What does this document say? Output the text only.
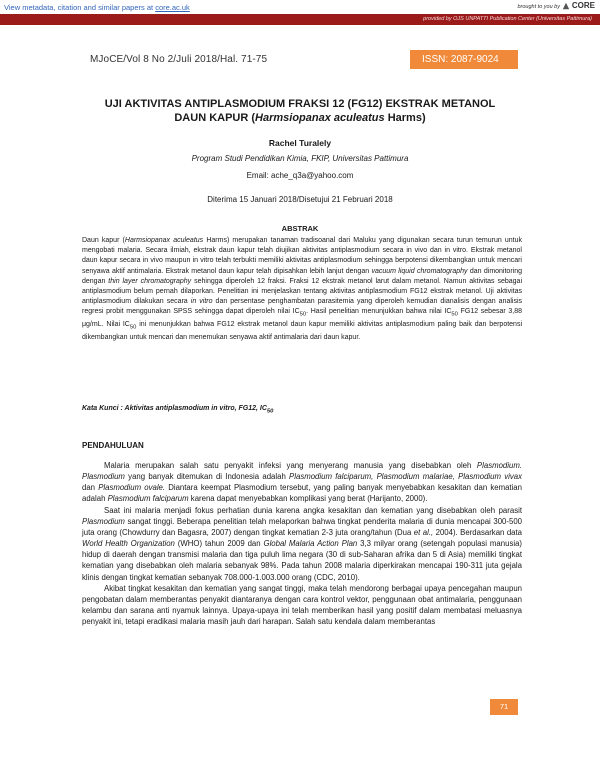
View metadata, citation and similar papers at core.ac.uk	brought to you by CORE
provided by OJS UNPATTI Publication Center (Universitas Pattimura)
MJoCE/Vol 8 No 2/Juli 2018/Hal. 71-75	ISSN: 2087-9024
UJI AKTIVITAS ANTIPLASMODIUM FRAKSI 12 (FG12) EKSTRAK METANOL
DAUN KAPUR (Harmsiopanax aculeatus Harms)
Rachel Turalely
Program Studi Pendidikan Kimia, FKIP, Universitas Pattimura
Email: ache_q3a@yahoo.com
Diterima 15 Januari 2018/Disetujui 21 Februari 2018
ABSTRAK
Daun kapur (Harmsiopanax aculeatus Harms) merupakan tanaman tradisoanal dari Maluku yang digunakan secara turun temurun untuk mengobati malaria. Secara ilmiah, ekstrak daun kapur telah diujikan aktivitas antiplasmodium secara in vivo dan in vitro. Ekstrak metanol daun kapur secara in vivo maupun in vitro telah terbukti memiliki aktivitas antiplasmodium sehingga berpotensi dikembangkan untuk mencari senyawa aktif antimalaria. Ekstrak metanol daun kapur telah dipisahkan lebih lanjut dengan vacuum liquid chromatography dan dimonitoring dengan thin layer chromatography sehingga diperoleh 12 fraksi. Fraksi 12 ekstrak metanol larut dalam metanol. Namun aktivitas sebagai antiplasmodium belum pernah dilaporkan. Penelitian ini menjelaskan tentang aktivitas antiplasmodium FG12 ekstrak metanol. Uji aktivitas antiplasmodium dilakukan secara in vitro dan persentase penghambatan parasitemia yang diperoleh kemudian dianalisis dengan analisis regresi probit menggunakan SPSS sehingga dapat diperoleh nilai $IC_{50}$. Hasil penelitian menunjukkan bahwa nilai $IC_{50}$ FG12 sebesar 3,88 μg/mL. Nilai $IC_{50}$ ini menunjukkan bahwa FG12 ekstrak metanol daun kapur memiliki aktivitas antiplasmodium paling baik dan berpotensi dikembangkan untuk mencari dan menemukan senyawa aktif antimalaria dari daun kapur.
Kata Kunci : Aktivitas antiplasmodium in vitro, FG12, $IC_{50}$
PENDAHULUAN

Malaria merupakan salah satu penyakit infeksi yang menyerang manusia yang disebabkan oleh Plasmodium. Plasmodium yang banyak ditemukan di Indonesia adalah Plasmodium falciparum, Plasmodium malariae, Plasmodium vivax dan Plasmodium ovale. Diantara keempat Plasmodium tersebut, yang paling banyak menyebabkan kesakitan dan kematian adalah Plasmodium falciparum karena dapat menyebabkan komplikasi yang berat (Harijanto, 2000).

Saat ini malaria menjadi fokus perhatian dunia karena angka kesakitan dan kematian yang disebabkan oleh parasit Plasmodium sangat tinggi. Beberapa penelitian telah melaporkan bahwa tingkat penderita malaria di dunia mencapai 300-500 juta orang (Chowdurry dan Bagasra, 2007) dengan tingkat kematian 2-3 juta orang/tahun (Dua et al., 2004). Berdasarkan data World Health Organization (WHO) tahun 2009 dan Global Malaria Action Plan 3,3 milyar orang (setengah populasi manusia) hidup di daerah dengan transmisi malaria dan tiga puluh lima negara (30 di sub-Saharan afrika dan 5 di Asia) memiliki tingkat kematian yang disebabkan oleh malaria sebanyak 98%. Pada tahun 2008 malaria diperkirakan mencapai 190-311 juta gejala klinis dengan tingkat kematian sebanyak 708.000-1.003.000 orang (CDC, 2010).

Akibat tingkat kesakitan dan kematian yang sangat tinggi, maka telah mendorong berbagai upaya pencegahan maupun pengobatan dalam memberantas penyakit diantaranya dengan cara kontrol vektor, penggunaan obat antimalaria, penggunaan kelambu dan sarana anti nyamuk lainnya. Upaya-upaya ini telah memberikan hasil yang positif dalam membatasi meluasnya penyakit ini, tetapi eradikasi malaria masih jauh dari harapan. Salah satu kendala dalam memberantas

71
